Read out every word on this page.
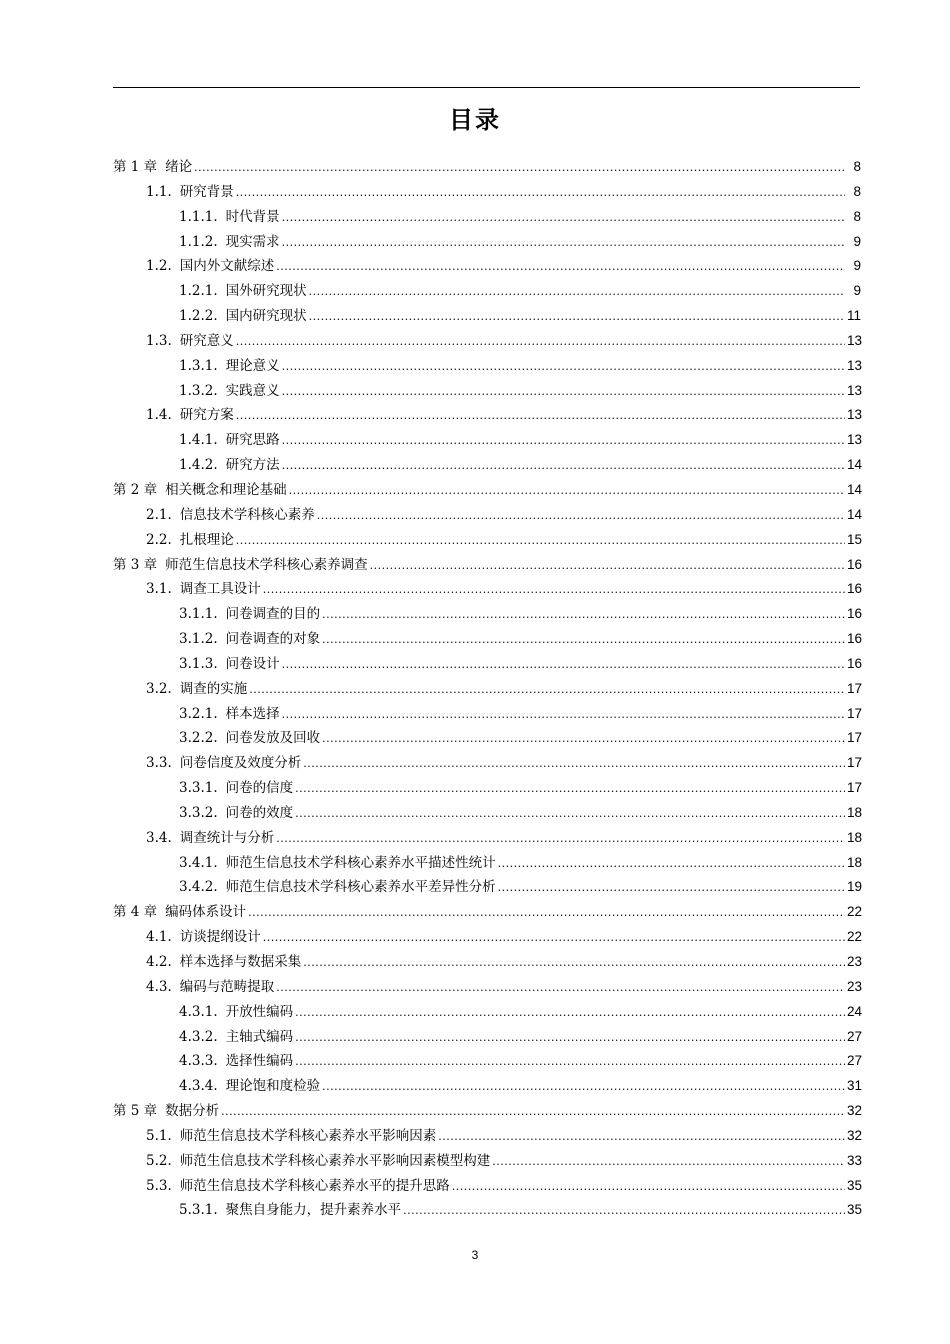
目录
第 1 章 绪论 .....	8
1.1. 研究背景 .....	8
1.1.1. 时代背景 .....	8
1.1.2. 现实需求 .....	9
1.2. 国内外文献综述 .....	9
1.2.1. 国外研究现状 .....	9
1.2.2. 国内研究现状 .....	11
1.3. 研究意义 .....	13
1.3.1. 理论意义 .....	13
1.3.2. 实践意义 .....	13
1.4. 研究方案 .....	13
1.4.1. 研究思路 .....	13
1.4.2. 研究方法 .....	14
第 2 章 相关概念和理论基础 .....	14
2.1. 信息技术学科核心素养 .....	14
2.2. 扎根理论 .....	15
第 3 章 师范生信息技术学科核心素养调查 .....	16
3.1. 调查工具设计 .....	16
3.1.1. 问卷调查的目的 .....	16
3.1.2. 问卷调查的对象 .....	16
3.1.3. 问卷设计 .....	16
3.2. 调查的实施 .....	17
3.2.1. 样本选择 .....	17
3.2.2. 问卷发放及回收 .....	17
3.3. 问卷信度及效度分析 .....	17
3.3.1. 问卷的信度 .....	17
3.3.2. 问卷的效度 .....	18
3.4. 调查统计与分析 .....	18
3.4.1. 师范生信息技术学科核心素养水平描述性统计 .....	18
3.4.2. 师范生信息技术学科核心素养水平差异性分析 .....	19
第 4 章 编码体系设计 .....	22
4.1. 访谈提纲设计 .....	22
4.2. 样本选择与数据采集 .....	23
4.3. 编码与范畴提取 .....	23
4.3.1. 开放性编码 .....	24
4.3.2. 主轴式编码 .....	27
4.3.3. 选择性编码 .....	27
4.3.4. 理论饱和度检验 .....	31
第 5 章 数据分析 .....	32
5.1. 师范生信息技术学科核心素养水平影响因素 .....	32
5.2. 师范生信息技术学科核心素养水平影响因素模型构建 .....	33
5.3. 师范生信息技术学科核心素养水平的提升思路 .....	35
5.3.1. 聚焦自身能力，提升素养水平 .....	35
3
